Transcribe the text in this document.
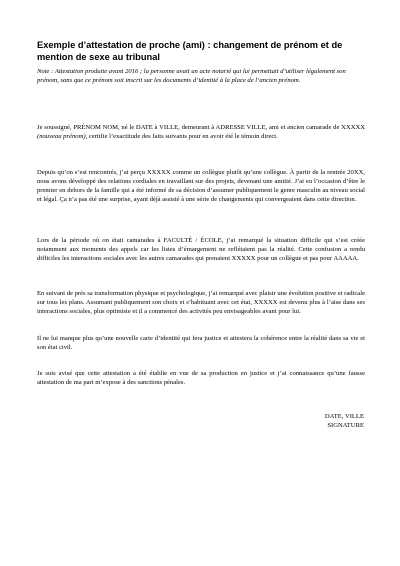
Exemple d’attestation de proche (ami) : changement de prénom et de mention de sexe au tribunal
Note : Attestation produite avant 2016 ; la personne avait un acte notarié qui lui permettait d’utiliser légalement son prénom, sans que ce prénom soit inscrit sur les documents d’identité à la place de l’ancien prénom.
Je soussigné, PRÉNOM NOM, né le DATE à VILLE, demeurant à ADRESSE VILLE, ami et ancien camarade de XXXXX (nouveau prénom), certifie l’exactitude des faits suivants pour en avoir été le témoin direct.
Depuis qu’on s’est rencontrés, j’ai perçu XXXXX comme un collègue plutôt qu’une collègue. À partir de la rentrée 20XX, nous avons développé des relations cordiales en travaillant sur des projets, devenant une amitié. J’ai eu l’occasion d’être le premier en dehors de la famille qui a été informé de sa décision d’assumer publiquement le genre masculin au niveau social et légal. Ça n’a pas été une surprise, ayant déjà assisté à une série de changements qui convergeaient dans cette direction.
Lors de la période où on était camarades à FACULTÉ / ÉCOLE, j’ai remarqué la situation difficile qui s’est créée notamment aux moments des appels car les listes d’émargement ne reflétaient pas la réalité. Cette confusion a rendu difficiles les interactions sociales avec les autres camarades qui prenaient XXXXX pour un collègue et pas pour AAAAA.
En suivant de près sa transformation physique et psychologique, j’ai remarqué avec plaisir une évolution positive et radicale sur tous les plans. Assumant publiquement son choix et s’habituant avec cet état, XXXXX est devenu plus à l’aise dans ses interactions sociales, plus optimiste et il a commencé des activités peu envisageables avant pour lui.
Il ne lui manque plus qu’une nouvelle carte d’identité qui fera justice et attestera la cohérence entre la réalité dans sa vie et son état civil.
Je suis avisé que cette attestation a été établie en vue de sa production en justice et j’ai connaissance qu’une fausse attestation de ma part m’expose à des sanctions pénales.
DATE, VILLE
SIGNATURE
